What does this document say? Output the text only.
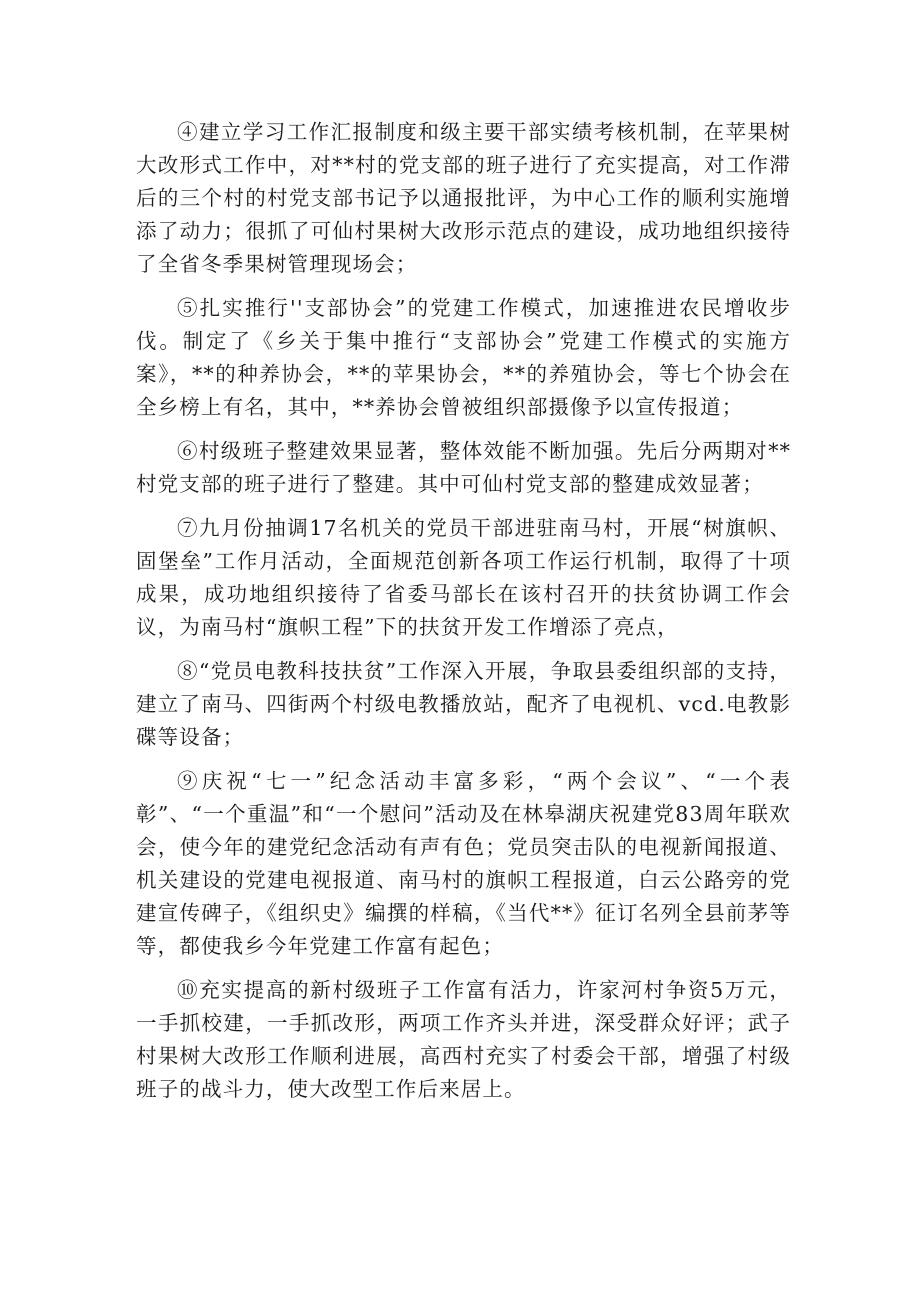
④建立学习工作汇报制度和级主要干部实绩考核机制，在苹果树大改形式工作中，对**村的党支部的班子进行了充实提高，对工作滞后的三个村的村党支部书记予以通报批评，为中心工作的顺利实施增添了动力；很抓了可仙村果树大改形示范点的建设，成功地组织接待了全省冬季果树管理现场会；

⑤扎实推行''支部协会”的党建工作模式，加速推进农民增收步伐。制定了《乡关于集中推行“支部协会”党建工作模式的实施方案》，**的种养协会，**的苹果协会，**的养殖协会，等七个协会在全乡榜上有名，其中，**养协会曾被组织部摄像予以宣传报道；

⑥村级班子整建效果显著，整体效能不断加强。先后分两期对**村党支部的班子进行了整建。其中可仙村党支部的整建成效显著；

⑦九月份抽调17名机关的党员干部进驻南马村，开展“树旗帜、固堡垒”工作月活动，全面规范创新各项工作运行机制，取得了十项成果，成功地组织接待了省委马部长在该村召开的扶贫协调工作会议，为南马村“旗帜工程”下的扶贫开发工作增添了亮点，

⑧“党员电教科技扶贫”工作深入开展，争取县委组织部的支持，建立了南马、四街两个村级电教播放站，配齐了电视机、vcd.电教影碟等设备；

⑨庆祝“七一”纪念活动丰富多彩，“两个会议”、“一个表彰”、“一个重温”和“一个慰问”活动及在林皋湖庆祝建党83周年联欢会，使今年的建党纪念活动有声有色；党员突击队的电视新闻报道、机关建设的党建电视报道、南马村的旗帜工程报道，白云公路旁的党建宣传碑子，《组织史》编撰的样稿，《当代**》征订名列全县前茅等等，都使我乡今年党建工作富有起色；

⑩充实提高的新村级班子工作富有活力，许家河村争资5万元，一手抓校建，一手抓改形，两项工作齐头并进，深受群众好评；武子村果树大改形工作顺利进展，高西村充实了村委会干部，增强了村级班子的战斗力，使大改型工作后来居上。
